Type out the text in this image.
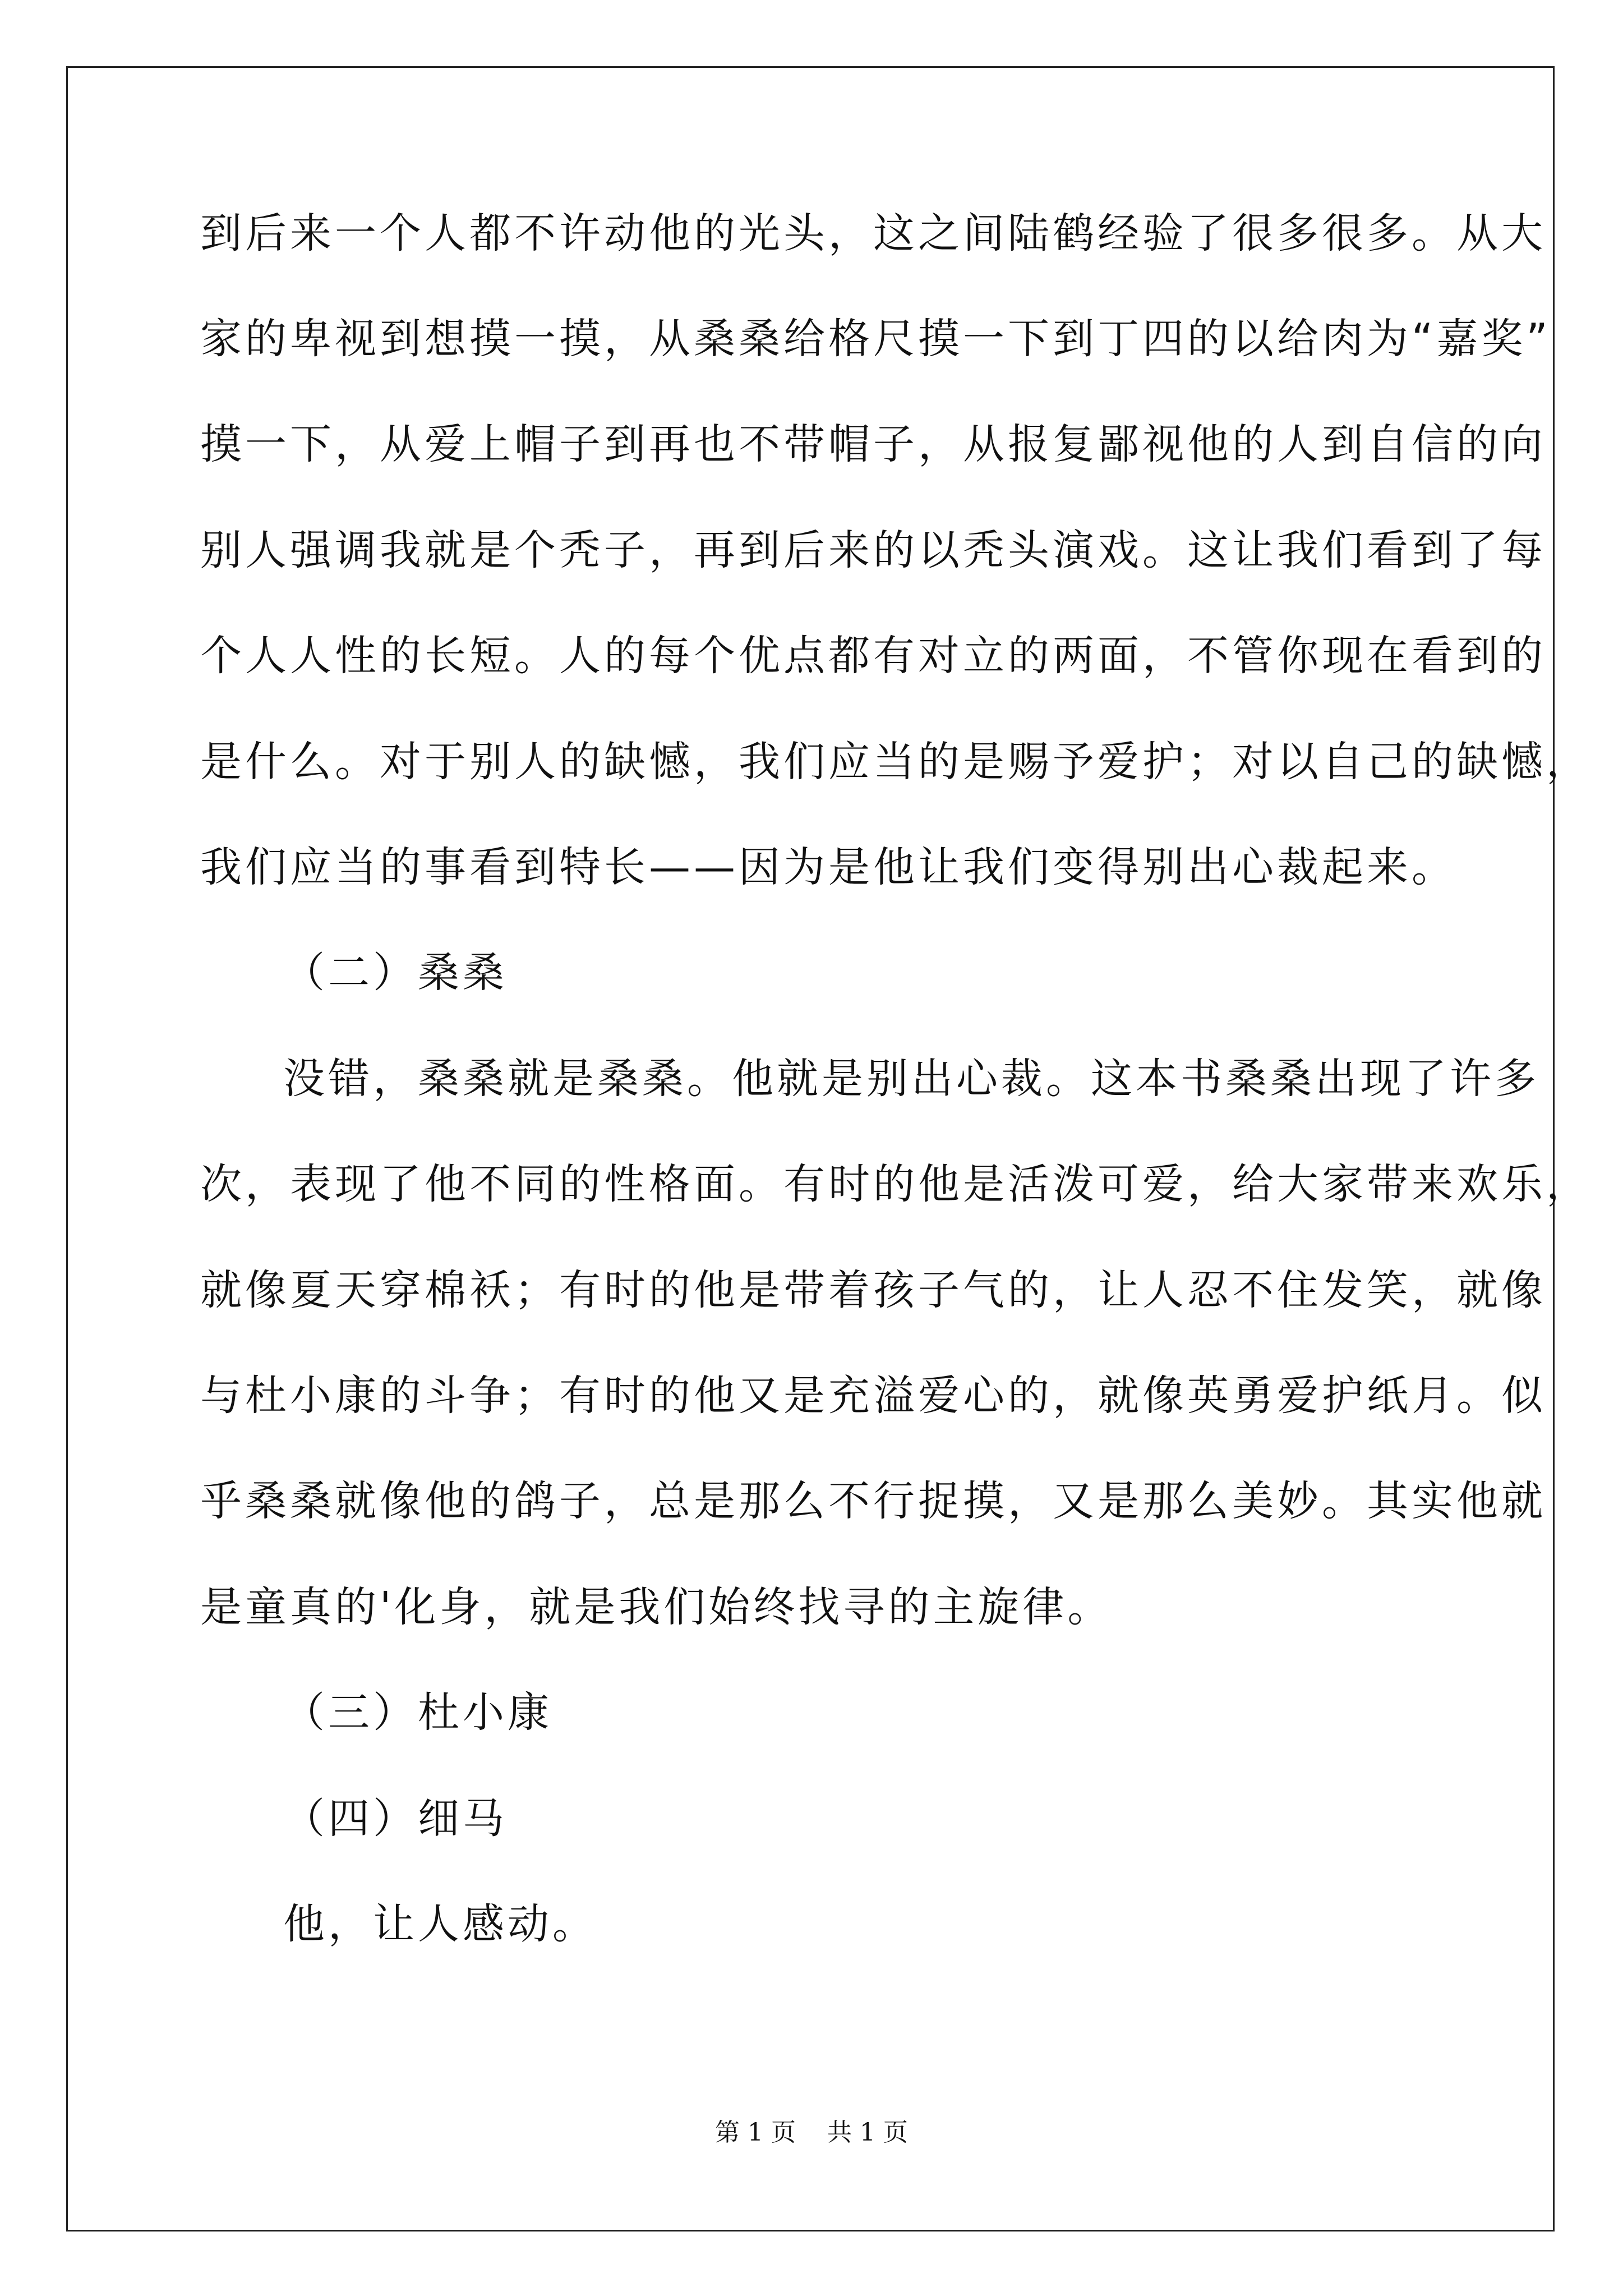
到后来一个人都不许动他的光头，这之间陆鹤经验了很多很多。从大
家的卑视到想摸一摸，从桑桑给格尺摸一下到丁四的以给肉为“嘉奖”
摸一下，从爱上帽子到再也不带帽子，从报复鄙视他的人到自信的向
别人强调我就是个秃子，再到后来的以秃头演戏。这让我们看到了每
个人人性的长短。人的每个优点都有对立的两面，不管你现在看到的
是什么。对于别人的缺憾，我们应当的是赐予爱护；对以自己的缺憾，
我们应当的事看到特长——因为是他让我们变得别出心裁起来。
（二）桑桑
没错，桑桑就是桑桑。他就是别出心裁。这本书桑桑出现了许多
次，表现了他不同的性格面。有时的他是活泼可爱，给大家带来欢乐，
就像夏天穿棉袄；有时的他是带着孩子气的，让人忍不住发笑，就像
与杜小康的斗争；有时的他又是充溢爱心的，就像英勇爱护纸月。似
乎桑桑就像他的鸽子，总是那么不行捉摸，又是那么美妙。其实他就
是童真的'化身，就是我们始终找寻的主旋律。
（三）杜小康
（四）细马
他，让人感动。
第 1 页    共 1 页
